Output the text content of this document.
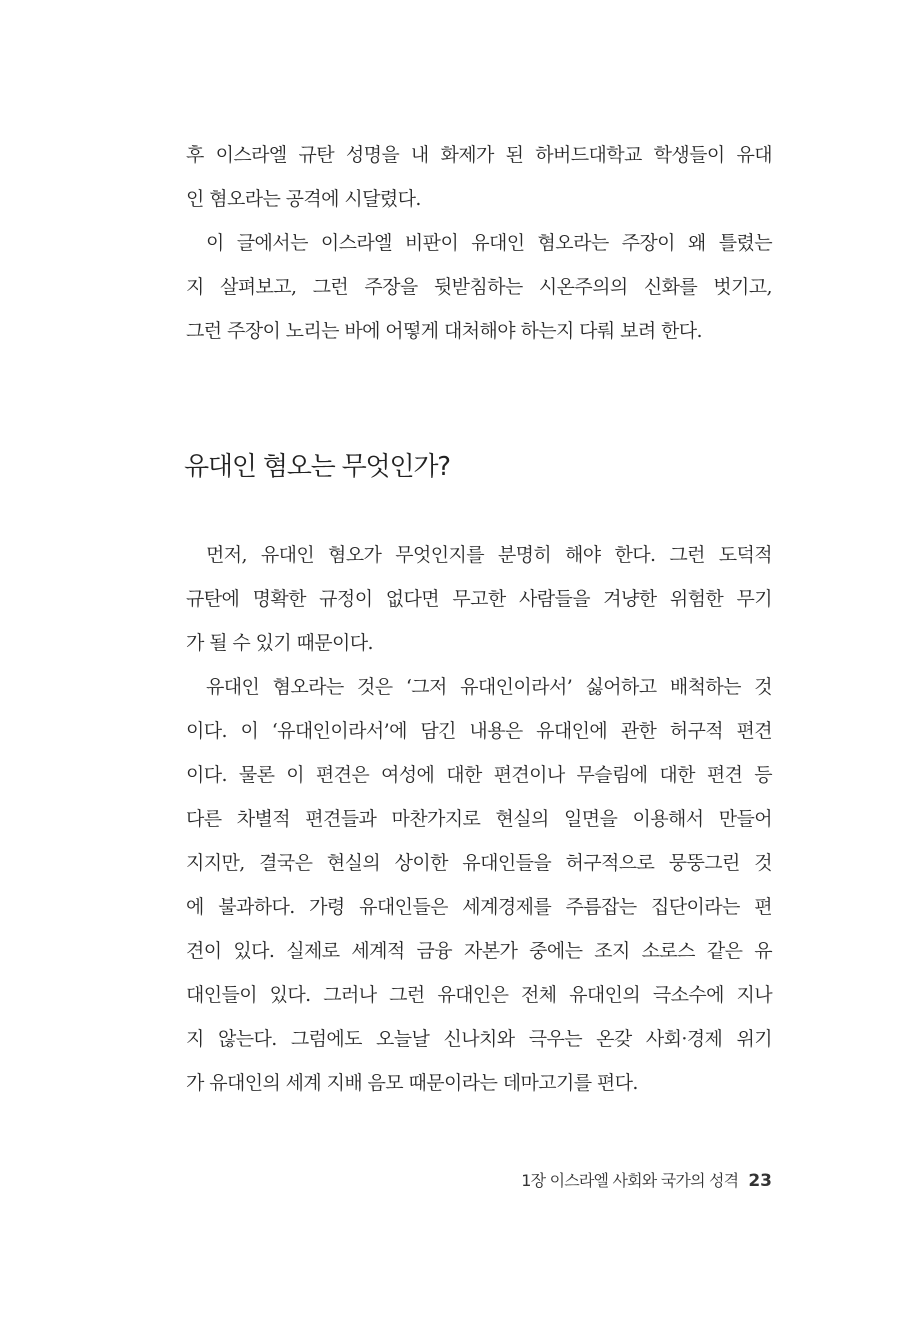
후 이스라엘 규탄 성명을 내 화제가 된 하버드대학교 학생들이 유대
인 혐오라는 공격에 시달렸다.
이 글에서는 이스라엘 비판이 유대인 혐오라는 주장이 왜 틀렸는
지 살펴보고, 그런 주장을 뒷받침하는 시온주의의 신화를 벗기고,
그런 주장이 노리는 바에 어떻게 대처해야 하는지 다뤄 보려 한다.
유대인 혐오는 무엇인가?
먼저, 유대인 혐오가 무엇인지를 분명히 해야 한다. 그런 도덕적
규탄에 명확한 규정이 없다면 무고한 사람들을 겨냥한 위험한 무기
가 될 수 있기 때문이다.
유대인 혐오라는 것은 ‘그저 유대인이라서’ 싫어하고 배척하는 것
이다. 이 ‘유대인이라서’에 담긴 내용은 유대인에 관한 허구적 편견
이다. 물론 이 편견은 여성에 대한 편견이나 무슬림에 대한 편견 등
다른 차별적 편견들과 마찬가지로 현실의 일면을 이용해서 만들어
지지만, 결국은 현실의 상이한 유대인들을 허구적으로 뭉뚱그린 것
에 불과하다. 가령 유대인들은 세계경제를 주름잡는 집단이라는 편
견이 있다. 실제로 세계적 금융 자본가 중에는 조지 소로스 같은 유
대인들이 있다. 그러나 그런 유대인은 전체 유대인의 극소수에 지나
지 않는다. 그럼에도 오늘날 신나치와 극우는 온갖 사회·경제 위기
가 유대인의 세계 지배 음모 때문이라는 데마고기를 편다.
1장 이스라엘 사회와 국가의 성격 23
